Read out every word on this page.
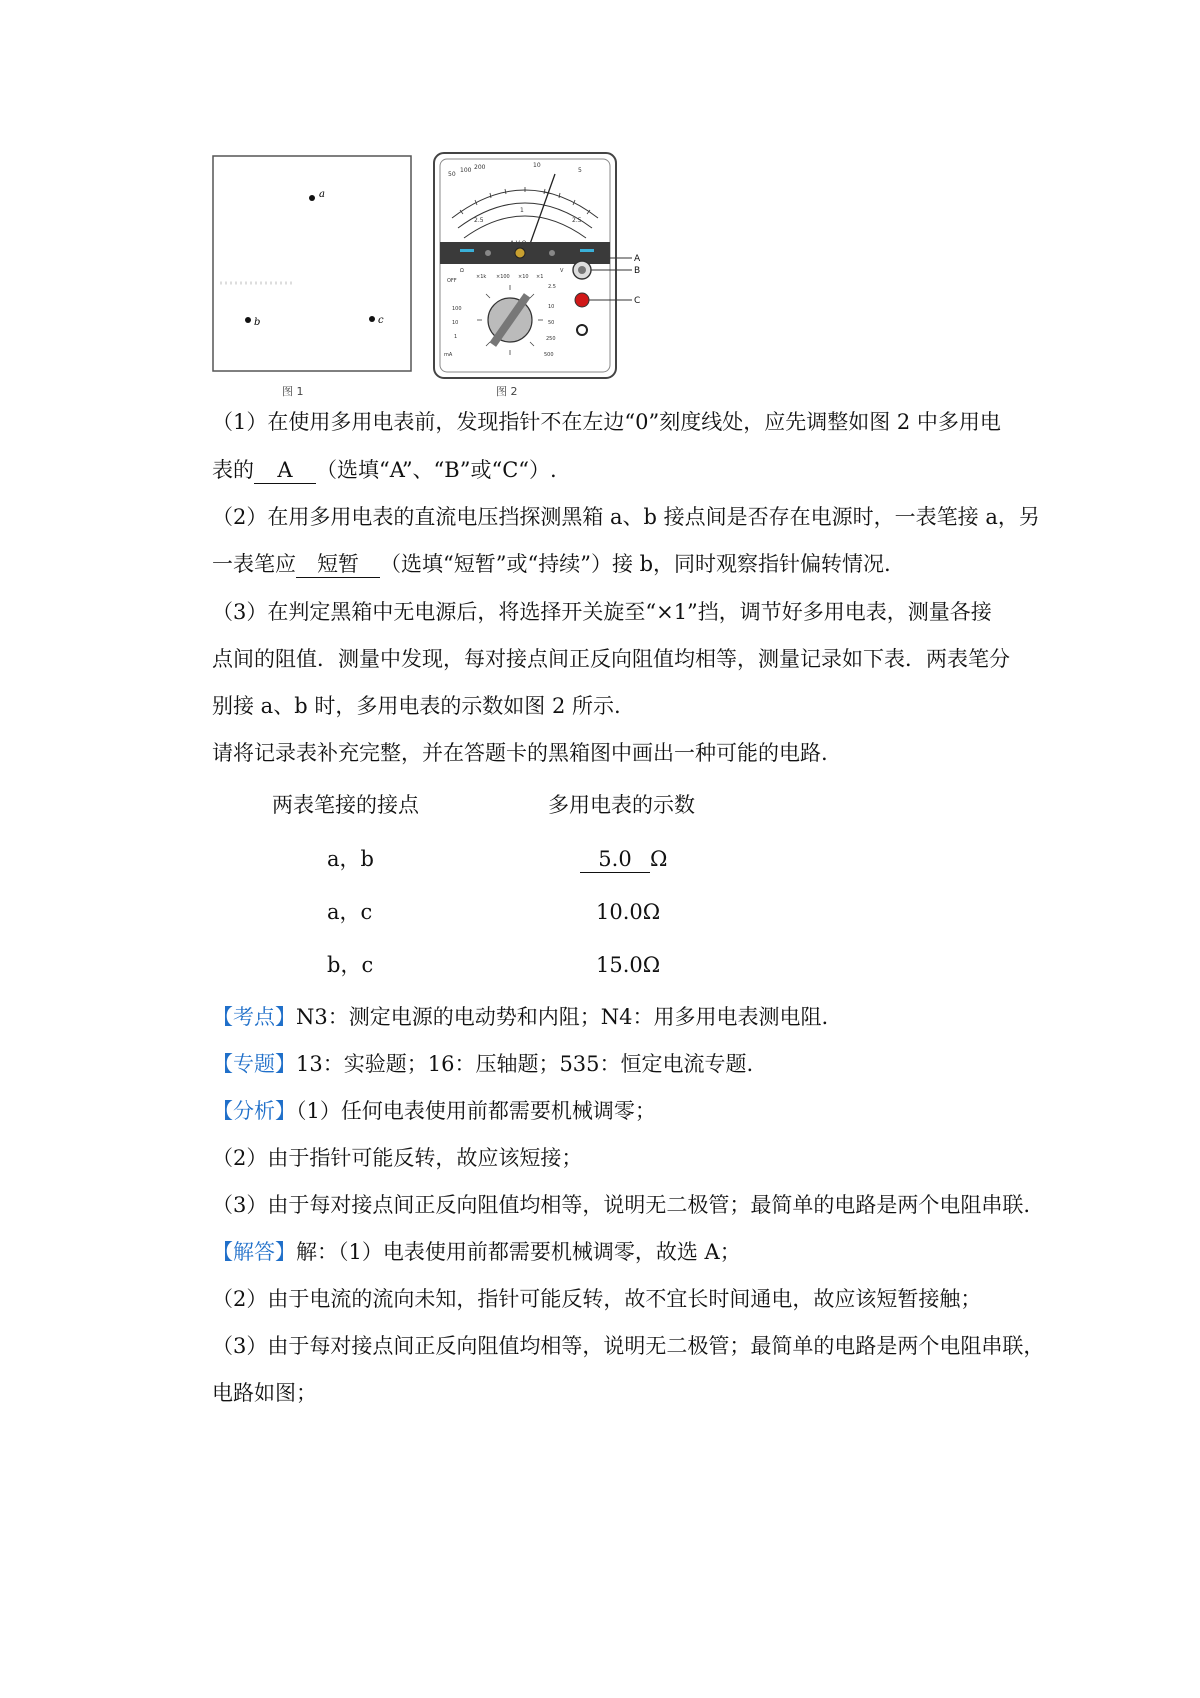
a
b	c
图 1
50
100 200	10
5
1
2.5	2.5
OFF
Ω
×1k ×100 ×10 ×1
2.5
10
50
250
500
V
mA
100
10
1
A
B
C
图 2
（1）在使用多用电表前，发现指针不在左边“0”刻度线处，应先调整如图 2 中多用电
表的 A （选填“A”、“B”或“C“）.
（2）在用多用电表的直流电压挡探测黑箱 a、b 接点间是否存在电源时，一表笔接 a，另
一表笔应 短暂 （选填“短暂”或“持续”）接 b，同时观察指针偏转情况.
（3）在判定黑箱中无电源后，将选择开关旋至“×1”挡，调节好多用电表，测量各接
点间的阻值．测量中发现，每对接点间正反向阻值均相等，测量记录如下表．两表笔分
别接 a、b 时，多用电表的示数如图 2 所示.
请将记录表补充完整，并在答题卡的黑箱图中画出一种可能的电路.
两表笔接的接点	多用电表的示数
a，b	5.0 Ω
a，c	10.0Ω
b，c	15.0Ω
【考点】N3：测定电源的电动势和内阻；N4：用多用电表测电阻.
【专题】13：实验题；16：压轴题；535：恒定电流专题.
【分析】（1）任何电表使用前都需要机械调零；
（2）由于指针可能反转，故应该短接；
（3）由于每对接点间正反向阻值均相等，说明无二极管；最简单的电路是两个电阻串联.
【解答】解：（1）电表使用前都需要机械调零，故选 A；
（2）由于电流的流向未知，指针可能反转，故不宜长时间通电，故应该短暂接触；
（3）由于每对接点间正反向阻值均相等，说明无二极管；最简单的电路是两个电阻串联，
电路如图；
